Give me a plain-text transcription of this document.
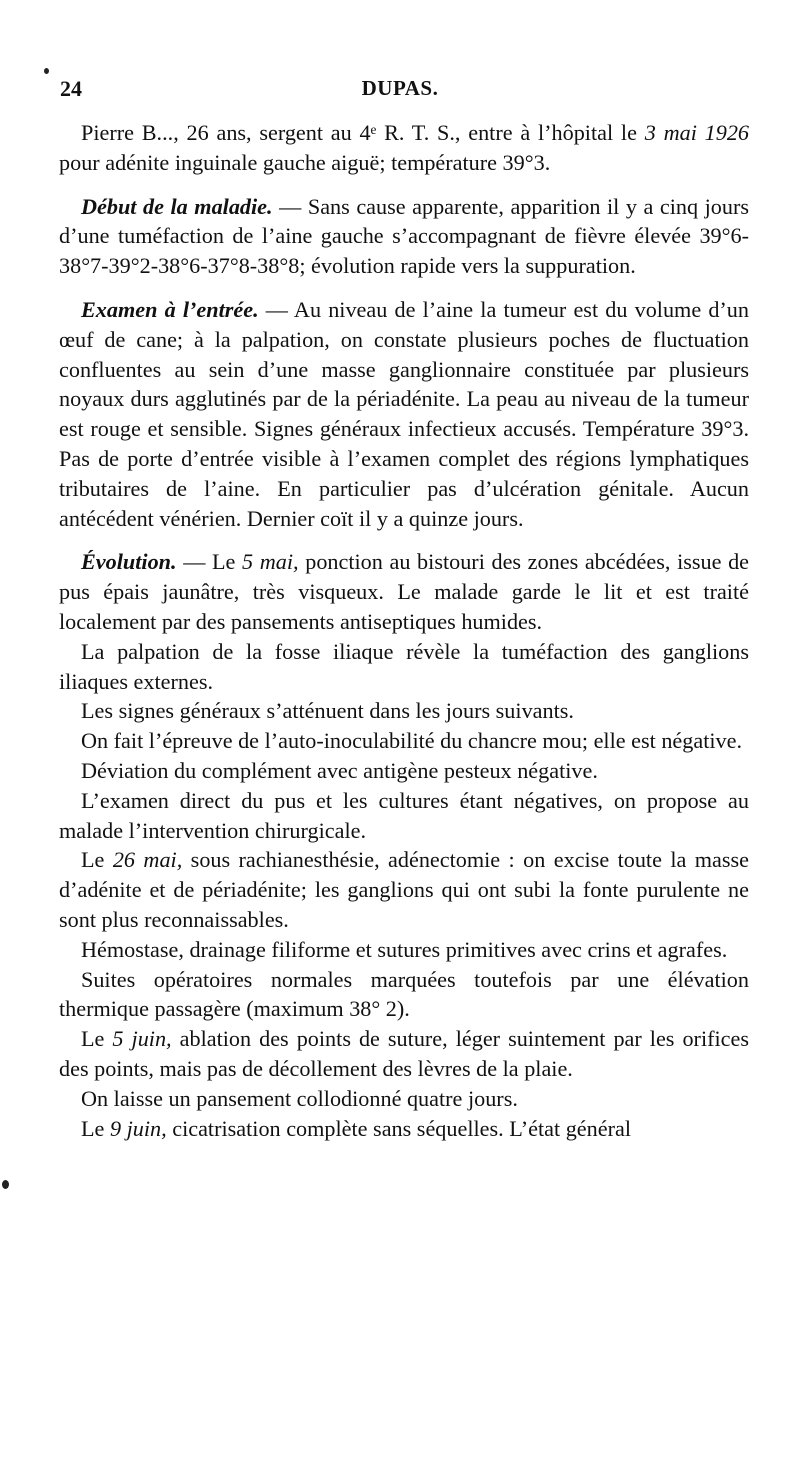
24	DUPAS.

Pierre B..., 26 ans, sergent au 4ᵉ R. T. S., entre à l’hôpital le 3 mai 1926 pour adénite inguinale gauche aiguë; température 39°3.

Début de la maladie. — Sans cause apparente, apparition il y a cinq jours d’une tuméfaction de l’aine gauche s’accompagnant de fièvre élevée 39°6-38°7-39°2-38°6-37°8-38°8; évolution rapide vers la suppuration.

Examen à l’entrée. — Au niveau de l’aine la tumeur est du volume d’un œuf de cane; à la palpation, on constate plusieurs poches de fluctuation confluentes au sein d’une masse ganglionnaire constituée par plusieurs noyaux durs agglutinés par de la périadénite. La peau au niveau de la tumeur est rouge et sensible. Signes généraux infectieux accusés. Température 39°3. Pas de porte d’entrée visible à l’examen complet des régions lymphatiques tributaires de l’aine. En particulier pas d’ulcération génitale. Aucun antécédent vénérien. Dernier coït il y a quinze jours.

Évolution. — Le 5 mai, ponction au bistouri des zones abcédées, issue de pus épais jaunâtre, très visqueux. Le malade garde le lit et est traité localement par des pansements antiseptiques humides.

La palpation de la fosse iliaque révèle la tuméfaction des ganglions iliaques externes.

Les signes généraux s’atténuent dans les jours suivants.

On fait l’épreuve de l’auto-inoculabilité du chancre mou; elle est négative.

Déviation du complément avec antigène pesteux négative.

L’examen direct du pus et les cultures étant négatives, on propose au malade l’intervention chirurgicale.

Le 26 mai, sous rachianesthésie, adénectomie : on excise toute la masse d’adénite et de périadénite; les ganglions qui ont subi la fonte purulente ne sont plus reconnaissables.

Hémostase, drainage filiforme et sutures primitives avec crins et agrafes.

Suites opératoires normales marquées toutefois par une élévation thermique passagère (maximum 38° 2).

Le 5 juin, ablation des points de suture, léger suintement par les orifices des points, mais pas de décollement des lèvres de la plaie.

On laisse un pansement collodionné quatre jours.

Le 9 juin, cicatrisation complète sans séquelles. L’état général
